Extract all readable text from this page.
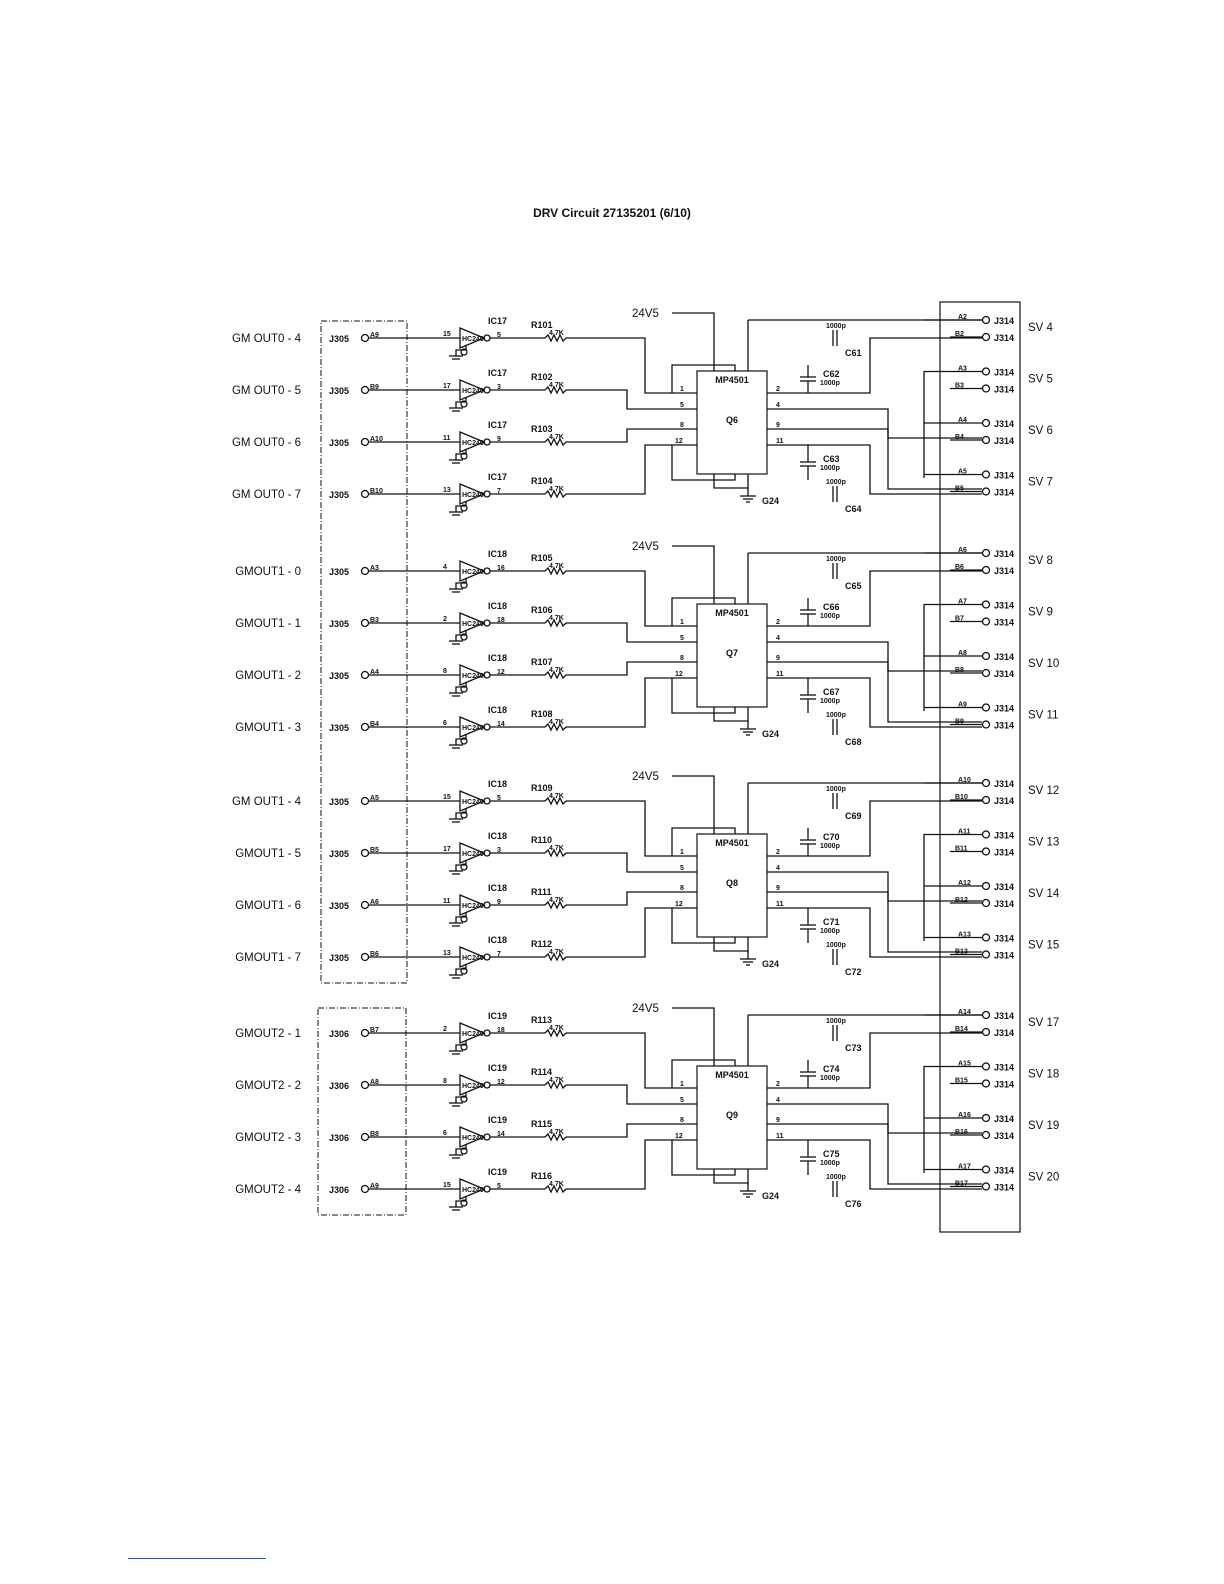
DRV Circuit 27135201 (6/10)
MP4501
Q6
24V5
G24
GM OUT0 - 4	J305	A9	15
HC240
IC17
5
R101
4.7K
GM OUT0 - 5	J305	B9	17
HC240
IC17
3
R102
4.7K
GM OUT0 - 6	J305	A10	11
HC240
IC17
9
R103
4.7K
GM OUT0 - 7	J305	B10	13
HC240
IC17
7
R104
4.7K
1
5
8
12
2
4
9
11
1000p
C61
C62
1000p
C63
1000p
1000p
C64
A2
B2
J314
J314
SV 4
A3
B3
J314
J314
SV 5
A4
B4
J314
J314
SV 6
A5
B5
J314
J314
SV 7
MP4501
Q7
24V5
G24
GMOUT1 - 0	J305	A3	4
HC240
IC18
16
R105
4.7K
GMOUT1 - 1	J305	B3	2
HC240
IC18
18
R106
4.7K
GMOUT1 - 2	J305	A4	8
HC240
IC18
12
R107
4.7K
GMOUT1 - 3	J305	B4	6
HC240
IC18
14
R108
4.7K
1
5
8
12
2
4
9
11
1000p
C65
C66
1000p
C67
1000p
1000p
C68
A6
B6
J314
J314
SV 8
A7
B7
J314
J314
SV 9
A8
B8
J314
J314
SV 10
A9
B9
J314
J314
SV 11
MP4501
Q8
24V5
G24
GM OUT1 - 4	J305	A5	15
HC240
IC18
5
R109
4.7K
GMOUT1 - 5	J305	B5	17
HC240
IC18
3
R110
4.7K
GMOUT1 - 6	J305	A6	11
HC240
IC18
9
R111
4.7K
GMOUT1 - 7	J305	B6	13
HC240
IC18
7
R112
4.7K
1
5
8
12
2
4
9
11
1000p
C69
C70
1000p
C71
1000p
1000p
C72
A10
B10
J314
J314
SV 12
A11
B11
J314
J314
SV 13
A12
B12
J314
J314
SV 14
A13
B13
J314
J314
SV 15
MP4501
Q9
24V5
G24
GMOUT2 - 1	J306	B7	2
HC240
IC19
18
R113
4.7K
GMOUT2 - 2	J306	A8	8
HC240
IC19
12
R114
4.7K
GMOUT2 - 3	J306	B8	6
HC240
IC19
14
R115
4.7K
GMOUT2 - 4	J306	A9	15
HC240
IC19
5
R116
4.7K
1
5
8
12
2
4
9
11
1000p
C73
C74
1000p
C75
1000p
1000p
C76
A14
B14
J314
J314
SV 17
A15
B15
J314
J314
SV 18
A16
B16
J314
J314
SV 19
A17
B17
J314
J314
SV 20
